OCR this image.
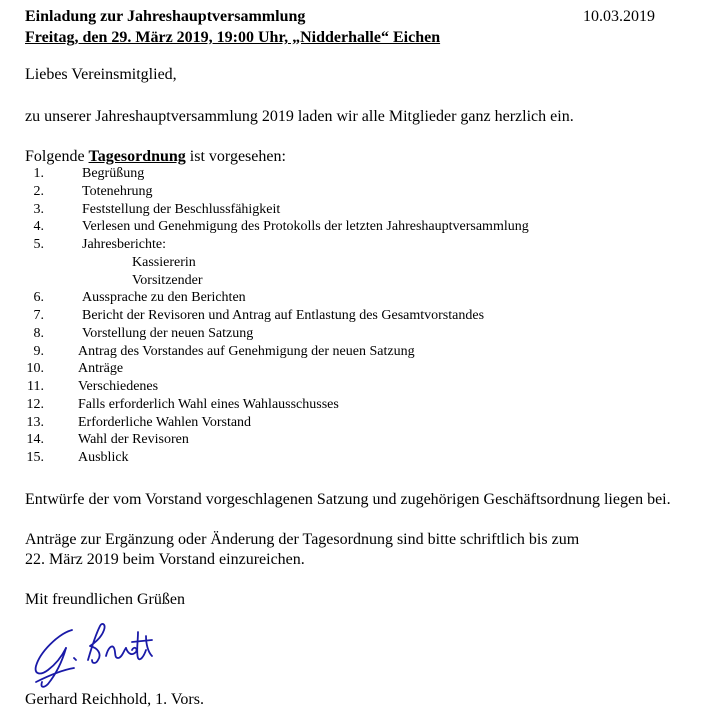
Einladung zur Jahreshauptversammlung	10.03.2019

Freitag, den 29. März 2019, 19:00 Uhr, „Nidderhalle“ Eichen

Liebes Vereinsmitglied,

zu unserer Jahreshauptversammlung 2019 laden wir alle Mitglieder ganz herzlich ein.

Folgende Tagesordnung ist vorgesehen:

1.	Begrüßung
2.	Totenehrung
3.	Feststellung der Beschlussfähigkeit
4.	Verlesen und Genehmigung des Protokolls der letzten Jahreshauptversammlung
5.	Jahresberichte:
Kassiererin
Vorsitzender
6.	Aussprache zu den Berichten
7.	Bericht der Revisoren und Antrag auf Entlastung des Gesamtvorstandes
8.	Vorstellung der neuen Satzung
9. Antrag des Vorstandes auf Genehmigung der neuen Satzung
10. Anträge
11. Verschiedenes
12. Falls erforderlich Wahl eines Wahlausschusses
13. Erforderliche Wahlen Vorstand
14. Wahl der Revisoren
15. Ausblick

Entwürfe der vom Vorstand vorgeschlagenen Satzung und zugehörigen Geschäftsordnung liegen bei.

Anträge zur Ergänzung oder Änderung der Tagesordnung sind bitte schriftlich bis zum

22. März 2019 beim Vorstand einzureichen.

Mit freundlichen Grüßen

Gerhard Reichhold, 1. Vors.
